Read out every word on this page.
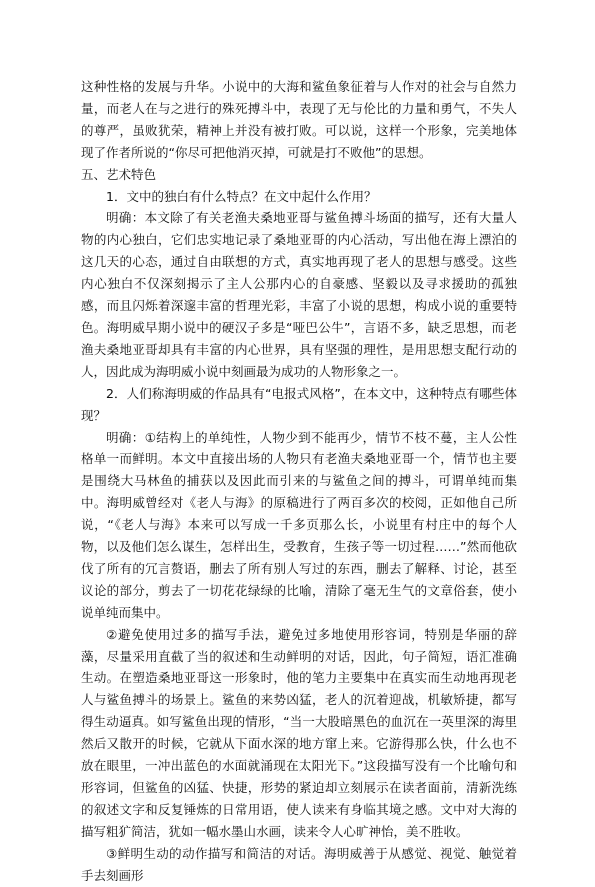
这种性格的发展与升华。小说中的大海和鲨鱼象征着与人作对的社会与自然力量，而老人在与之进行的殊死搏斗中，表现了无与伦比的力量和勇气，不失人的尊严，虽败犹荣，精神上并没有被打败。可以说，这样一个形象，完美地体现了作者所说的“你尽可把他消灭掉，可就是打不败他”的思想。

五、艺术特色

1．文中的独白有什么特点？在文中起什么作用？

明确：本文除了有关老渔夫桑地亚哥与鲨鱼搏斗场面的描写，还有大量人物的内心独白，它们忠实地记录了桑地亚哥的内心活动，写出他在海上漂泊的这几天的心态，通过自由联想的方式，真实地再现了老人的思想与感受。这些内心独白不仅深刻揭示了主人公那内心的自豪感、坚毅以及寻求援助的孤独感，而且闪烁着深邃丰富的哲理光彩，丰富了小说的思想，构成小说的重要特色。海明威早期小说中的硬汉子多是“哑巴公牛”，言语不多，缺乏思想，而老渔夫桑地亚哥却具有丰富的内心世界，具有坚强的理性，是用思想支配行动的人，因此成为海明威小说中刻画最为成功的人物形象之一。

2．人们称海明威的作品具有“电报式风格”，在本文中，这种特点有哪些体现？

明确：①结构上的单纯性，人物少到不能再少，情节不枝不蔓，主人公性格单一而鲜明。本文中直接出场的人物只有老渔夫桑地亚哥一个，情节也主要是围绕大马林鱼的捕获以及因此而引来的与鲨鱼之间的搏斗，可谓单纯而集中。海明威曾经对《老人与海》的原稿进行了两百多次的校阅，正如他自己所说，“《老人与海》本来可以写成一千多页那么长，小说里有村庄中的每个人物，以及他们怎么谋生，怎样出生，受教育，生孩子等一切过程……”然而他砍伐了所有的冗言赘语，删去了所有别人写过的东西，删去了解释、讨论，甚至议论的部分，剪去了一切花花绿绿的比喻，清除了毫无生气的文章俗套，使小说单纯而集中。

②避免使用过多的描写手法，避免过多地使用形容词，特别是华丽的辞藻，尽量采用直截了当的叙述和生动鲜明的对话，因此，句子简短，语汇准确生动。在塑造桑地亚哥这一形象时，他的笔力主要集中在真实而生动地再现老人与鲨鱼搏斗的场景上。鲨鱼的来势凶猛，老人的沉着迎战，机敏矫捷，都写得生动逼真。如写鲨鱼出现的情形，“当一大股暗黑色的血沉在一英里深的海里然后又散开的时候，它就从下面水深的地方窜上来。它游得那么快，什么也不放在眼里，一冲出蓝色的水面就涌现在太阳光下。”这段描写没有一个比喻句和形容词，但鲨鱼的凶猛、快捷，形势的紧迫却立刻展示在读者面前，清新洗练的叙述文字和反复锤炼的日常用语，使人读来有身临其境之感。文中对大海的描写粗犷简洁，犹如一幅水墨山水画，读来令人心旷神怡，美不胜收。

③鲜明生动的动作描写和简洁的对话。海明威善于从感觉、视觉、触觉着手去刻画形
